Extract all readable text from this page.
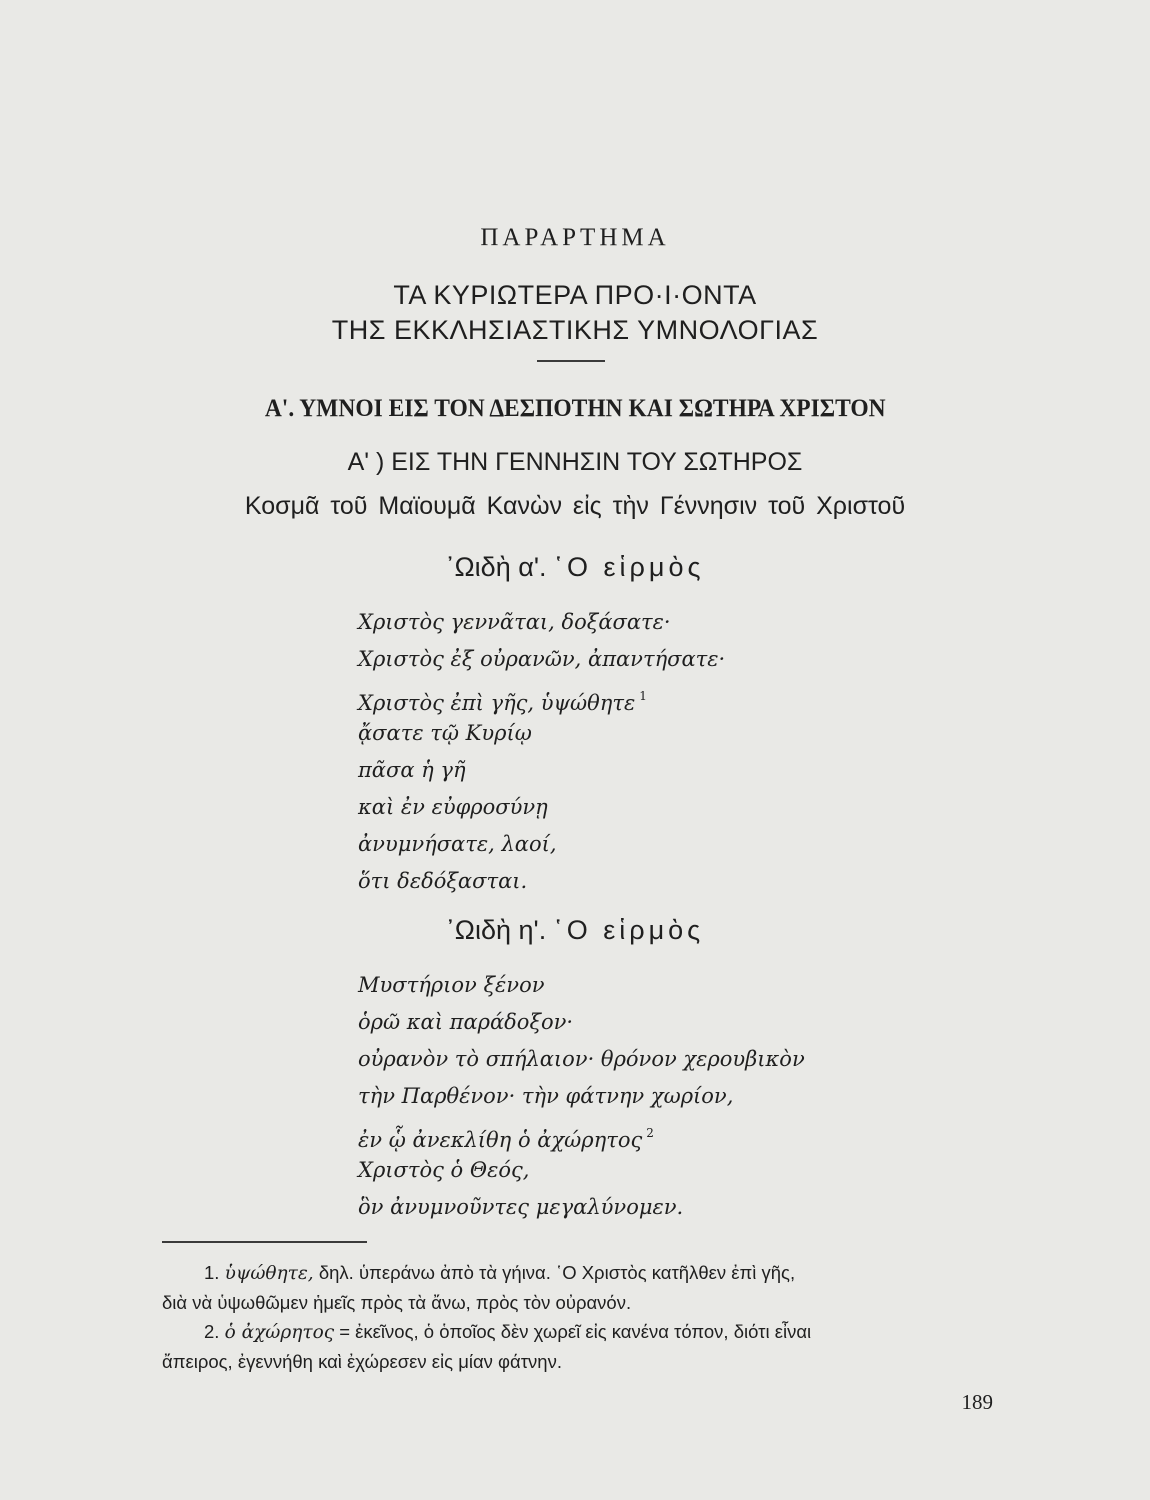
ΠΑΡΑΡΤΗΜΑ
ΤΑ ΚΥΡΙΩΤΕΡΑ ΠΡΟ·Ι·ΟΝΤΑ
ΤΗΣ ΕΚΚΛΗΣΙΑΣΤΙΚΗΣ ΥΜΝΟΛΟΓΙΑΣ
Α'. ΥΜΝΟΙ ΕΙΣ ΤΟΝ ΔΕΣΠΟΤΗΝ ΚΑΙ ΣΩΤΗΡΑ ΧΡΙΣΤΟΝ
Α' ) ΕΙΣ ΤΗΝ ΓΕΝΝΗΣΙΝ ΤΟΥ ΣΩΤΗΡΟΣ
Κοσμᾶ τοῦ Μαϊουμᾶ Κανὼν εἰς τὴν Γέννησιν τοῦ Χριστοῦ
᾿Ωιδὴ α'. ῾Ο εἱρμὸς
Χριστὸς γεννᾶται, δοξάσατε·
Χριστὸς ἐξ οὐρανῶν, ἀπαντήσατε·
Χριστὸς ἐπὶ γῆς, ὑψώθητε $^1$
ᾄσατε τῷ Κυρίῳ
πᾶσα ἡ γῆ
καὶ ἐν εὐφροσύνῃ
ἀνυμνήσατε, λαοί,
ὅτι δεδόξασται.
᾿Ωιδὴ η'. ῾Ο εἱρμὸς
Μυστήριον ξένον
ὁρῶ καὶ παράδοξον·
οὐρανὸν τὸ σπήλαιον· θρόνον χερουβικὸν
τὴν Παρθένον· τὴν φάτνην χωρίον,
ἐν ᾧ ἀνεκλίθη ὁ ἀχώρητος $^2$
Χριστὸς ὁ Θεός,
ὃν ἀνυμνοῦντες μεγαλύνομεν.

1. ὑψώθητε, δηλ. ὑπεράνω ἀπὸ τὰ γήινα. ῾Ο Χριστὸς κατῆλθεν ἐπὶ γῆς,

διὰ νὰ ὑψωθῶμεν ἡμεῖς πρὸς τὰ ἄνω, πρὸς τὸν οὐρανόν.

2. ὁ ἀχώρητος = ἐκεῖνος, ὁ ὁποῖος δὲν χωρεῖ εἰς κανένα τόπον, διότι εἶναι

ἄπειρος, ἐγεννήθη καὶ ἐχώρεσεν εἰς μίαν φάτνην.

189
